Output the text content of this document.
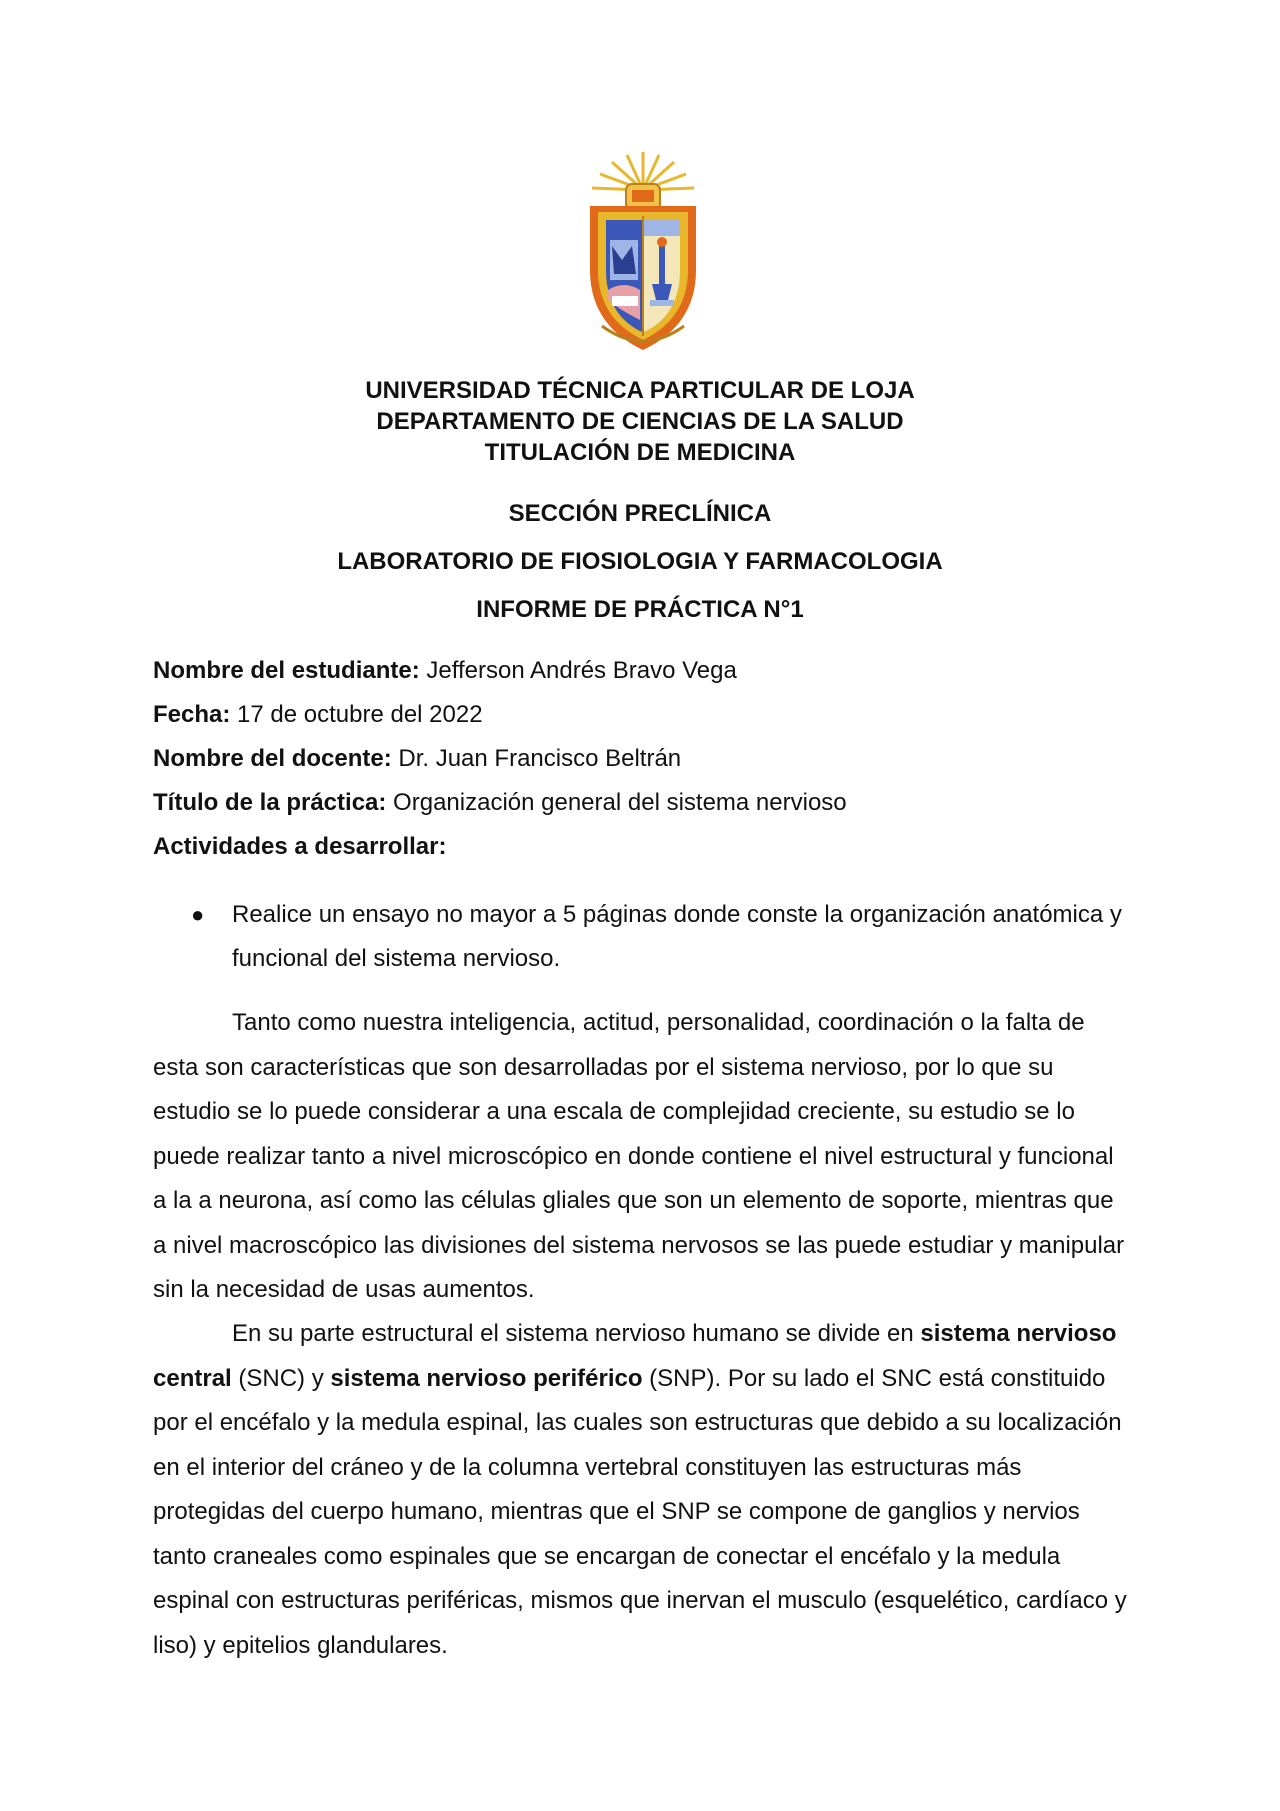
UNIVERSIDAD TÉCNICA PARTICULAR DE LOJA
DEPARTAMENTO DE CIENCIAS DE LA SALUD
TITULACIÓN DE MEDICINA
SECCIÓN PRECLÍNICA
LABORATORIO DE FIOSIOLOGIA Y FARMACOLOGIA
INFORME DE PRÁCTICA N°1
Nombre del estudiante: Jefferson Andrés Bravo Vega
Fecha: 17 de octubre del 2022
Nombre del docente: Dr. Juan Francisco Beltrán
Título de la práctica: Organización general del sistema nervioso
Actividades a desarrollar:
● Realice un ensayo no mayor a 5 páginas donde conste la organización anatómica y funcional del sistema nervioso.
Tanto como nuestra inteligencia, actitud, personalidad, coordinación o la falta de esta son características que son desarrolladas por el sistema nervioso, por lo que su estudio se lo puede considerar a una escala de complejidad creciente, su estudio se lo puede realizar tanto a nivel microscópico en donde contiene el nivel estructural y funcional a la a neurona, así como las células gliales que son un elemento de soporte, mientras que a nivel macroscópico las divisiones del sistema nervosos se las puede estudiar y manipular sin la necesidad de usas aumentos.
En su parte estructural el sistema nervioso humano se divide en sistema nervioso central (SNC) y sistema nervioso periférico (SNP). Por su lado el SNC está constituido por el encéfalo y la medula espinal, las cuales son estructuras que debido a su localización en el interior del cráneo y de la columna vertebral constituyen las estructuras más protegidas del cuerpo humano, mientras que el SNP se compone de ganglios y nervios tanto craneales como espinales que se encargan de conectar el encéfalo y la medula espinal con estructuras periféricas, mismos que inervan el musculo (esquelético, cardíaco y liso) y epitelios glandulares.
